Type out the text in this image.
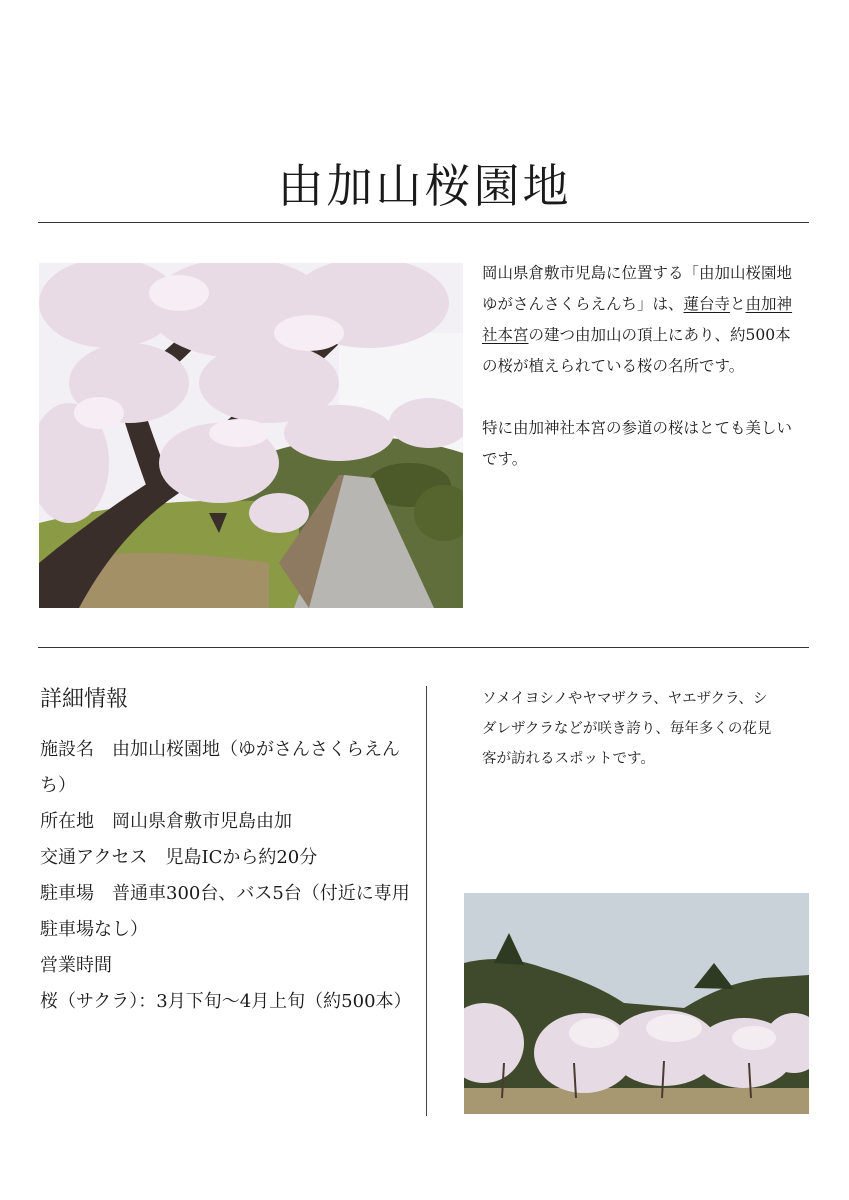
由加山桜園地

岡山県倉敷市児島に位置する「由加山桜園地ゆがさんさくらえんち」は、蓮台寺と由加神社本宮の建つ由加山の頂上にあり、約500本の桜が植えられている桜の名所です。

特に由加神社本宮の参道の桜はとても美しいです。

詳細情報
施設名　由加山桜園地（ゆがさんさくらえんち）
所在地　岡山県倉敷市児島由加
交通アクセス　児島ICから約20分
駐車場　普通車300台、バス5台（付近に専用駐車場なし）
営業時間
桜（サクラ）：3月下旬〜4月上旬（約500本）
ソメイヨシノやヤマザクラ、ヤエザクラ、シダレザクラなどが咲き誇り、毎年多くの花見客が訪れるスポットです。
